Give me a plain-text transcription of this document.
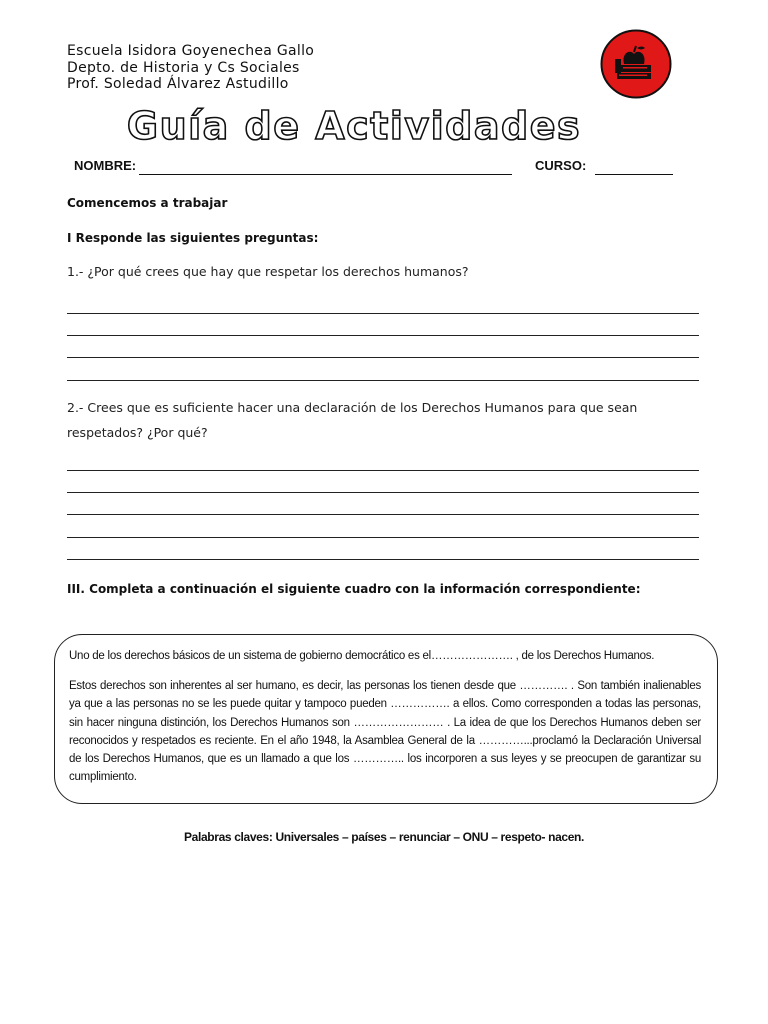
Escuela Isidora Goyenechea Gallo
Depto. de Historia y Cs Sociales
Prof. Soledad Álvarez Astudillo
Guía de Actividades
NOMBRE:	CURSO:
Comencemos a trabajar
I Responde las siguientes preguntas:
1.- ¿Por qué crees que hay que respetar los derechos humanos?
2.- Crees que es suficiente hacer una declaración de los Derechos Humanos para que sean respetados? ¿Por qué?
III. Completa a continuación el siguiente cuadro con la información correspondiente:

Uno de los derechos básicos de un sistema de gobierno democrático es el…………………. , de los Derechos Humanos.

Estos derechos son inherentes al ser humano, es decir, las personas los tienen desde que …………. . Son también inalienables ya que a las personas no se les puede quitar y tampoco pueden ……………. a ellos. Como corresponden a todas las personas, sin hacer ninguna distinción, los Derechos Humanos son …………………… . La idea de que los Derechos Humanos deben ser reconocidos y respetados es reciente. En el año 1948, la Asamblea General de la …………...proclamó la Declaración Universal de los Derechos Humanos, que es un llamado a que los ………….. los incorporen a sus leyes y se preocupen de garantizar su cumplimiento.

Palabras claves: Universales – países – renunciar – ONU – respeto- nacen.
